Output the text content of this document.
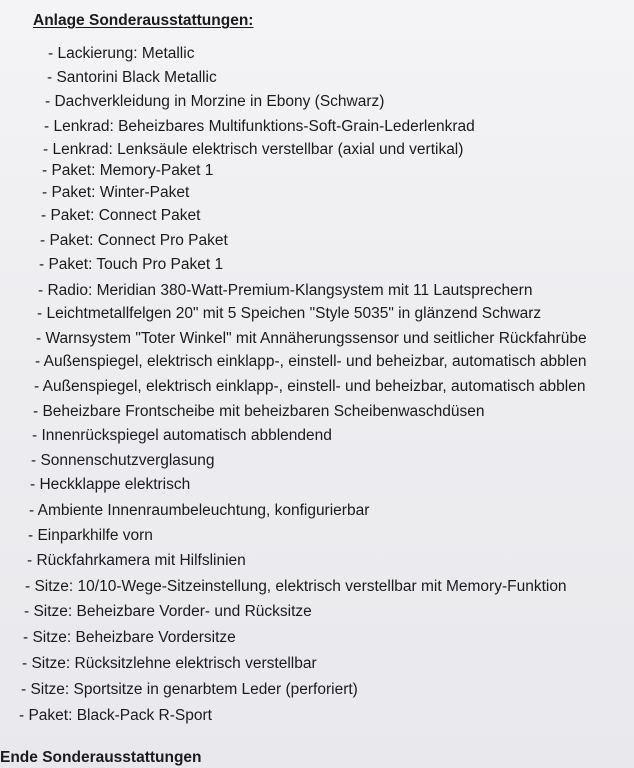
Anlage Sonderausstattungen:
- Lackierung: Metallic
- Santorini Black Metallic
- Dachverkleidung in Morzine in Ebony (Schwarz)
- Lenkrad: Beheizbares Multifunktions-Soft-Grain-Lederlenkrad
- Lenkrad: Lenksäule elektrisch verstellbar (axial und vertikal)
- Paket: Memory-Paket 1
- Paket: Winter-Paket
- Paket: Connect Paket
- Paket: Connect Pro Paket
- Paket: Touch Pro Paket 1
- Radio: Meridian 380-Watt-Premium-Klangsystem mit 11 Lautsprechern
- Leichtmetallfelgen 20" mit 5 Speichen "Style 5035" in glänzend Schwarz
- Warnsystem "Toter Winkel" mit Annäherungssensor und seitlicher Rückfahrübe
- Außenspiegel, elektrisch einklapp-, einstell- und beheizbar, automatisch abblen
- Außenspiegel, elektrisch einklapp-, einstell- und beheizbar, automatisch abblen
- Beheizbare Frontscheibe mit beheizbaren Scheibenwaschdüsen
- Innenrückspiegel automatisch abblendend
- Sonnenschutzverglasung
- Heckklappe elektrisch
- Ambiente Innenraumbeleuchtung, konfigurierbar
- Einparkhilfe vorn
- Rückfahrkamera mit Hilfslinien
- Sitze: 10/10-Wege-Sitzeinstellung, elektrisch verstellbar mit Memory-Funktion
- Sitze: Beheizbare Vorder- und Rücksitze
- Sitze: Beheizbare Vordersitze
- Sitze: Rücksitzlehne elektrisch verstellbar
- Sitze: Sportsitze in genarbtem Leder (perforiert)
- Paket: Black-Pack R-Sport
Ende Sonderausstattungen
